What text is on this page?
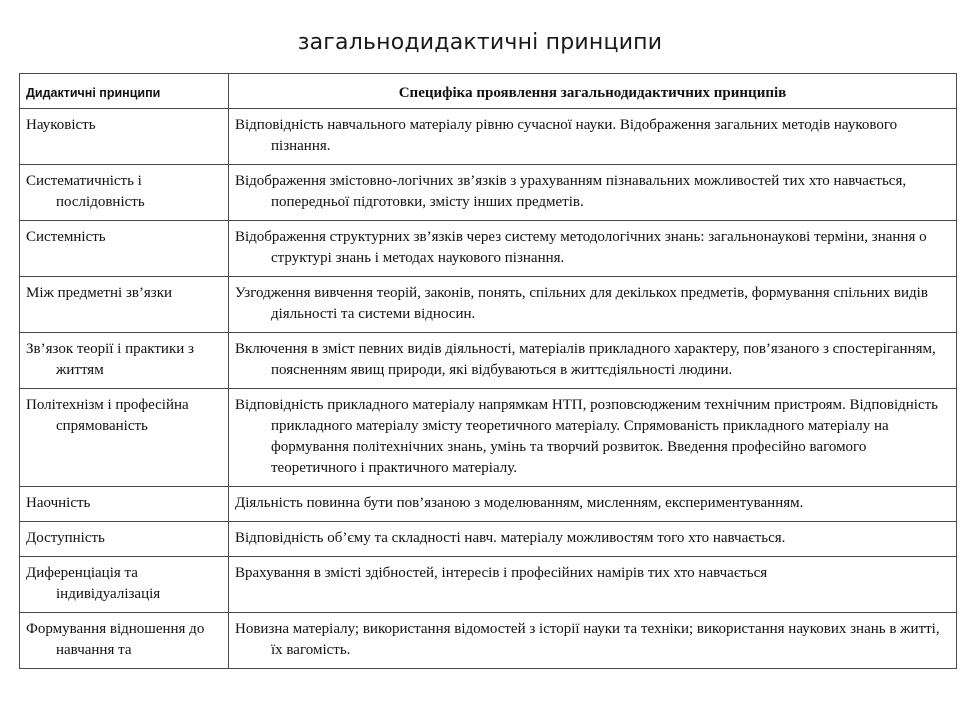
загальнодидактичні принципи
Дидактичні принципи	Специфіка проявлення загальнодидактичних принципів

Науковість	Відповідність навчального матеріалу рівню сучасної науки. Відображення загальних методів наукового пізнання.

Систематичність і послідовність	Відображення змістовно-логічних зв’язків з урахуванням пізнавальних можливостей тих хто навчається, попередньої підготовки, змісту інших предметів.

Системність	Відображення структурних зв’язків через систему методологічних знань: загальнонаукові терміни, знання о структурі знань і методах наукового пізнання.

Між предметні зв’язки	Узгодження вивчення теорій, законів, понять, спільних для декількох предметів, формування спільних видів діяльності та системи відносин.

Зв’язок теорії і практики з життям	Включення в зміст певних видів діяльності, матеріалів прикладного характеру, пов’язаного з спостеріганням, поясненням явищ природи, які відбуваються в життєдіяльності людини.

Політехнізм і професійна спрямованість	Відповідність прикладного матеріалу напрямкам НТП, розповсюдженим технічним пристроям. Відповідність прикладного матеріалу змісту теоретичного матеріалу. Спрямованість прикладного матеріалу на формування політехнічних знань, умінь та творчий розвиток. Введення професійно вагомого теоретичного і практичного матеріалу.

Наочність	Діяльність повинна бути пов’язаною з моделюванням, мисленням, експериментуванням.

Доступність	Відповідність об’єму та складності навч. матеріалу можливостям того хто навчається.

Диференціація та індивідуалізація	Врахування в змісті здібностей, інтересів і професійних намірів тих хто навчається

Формування відношення до навчання та	Новизна матеріалу; використання відомостей з історії науки та техніки; використання наукових знань в житті, їх вагомість.
